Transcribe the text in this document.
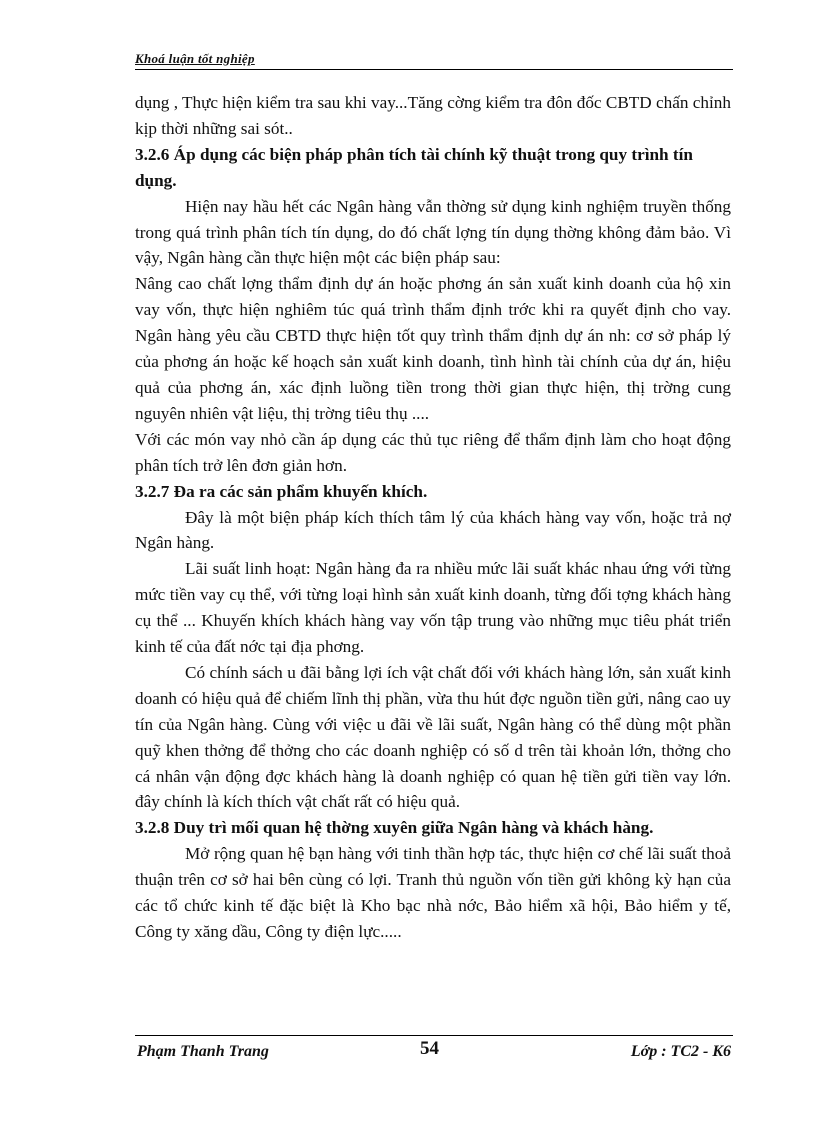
Khoá luận tốt nghiệp

dụng , Thực hiện kiểm tra sau khi vay...Tăng cờng kiểm tra đôn đốc CBTD chấn chỉnh kịp thời những sai sót..

3.2.6 Áp dụng các biện pháp phân tích tài chính kỹ thuật trong quy trình tín dụng.

Hiện nay hầu hết các Ngân hàng vẫn thờng sử dụng kinh nghiệm truyền thống trong quá trình phân tích tín dụng, do đó chất lợng tín dụng thờng không đảm bảo. Vì vậy, Ngân hàng cần thực hiện một các biện pháp sau:

Nâng cao chất lợng thẩm định dự án hoặc phơng án sản xuất kinh doanh của hộ xin vay vốn, thực hiện nghiêm túc quá trình thẩm định trớc khi ra quyết định cho vay. Ngân hàng yêu cầu CBTD thực hiện tốt quy trình thẩm định dự án nh: cơ sở pháp lý của phơng án hoặc kế hoạch sản xuất kinh doanh, tình hình tài chính của dự án, hiệu quả của phơng án, xác định luồng tiền trong thời gian thực hiện, thị trờng cung nguyên nhiên vật liệu, thị trờng tiêu thụ ....

Với các món vay nhỏ cần áp dụng các thủ tục riêng để thẩm định làm cho hoạt động phân tích trở lên đơn giản hơn.

3.2.7 Đa ra các sản phẩm khuyến khích.

Đây là một biện pháp kích thích tâm lý của khách hàng vay vốn, hoặc trả nợ Ngân hàng.

Lãi suất linh hoạt: Ngân hàng đa ra nhiều mức lãi suất khác nhau ứng với từng mức tiền vay cụ thể, với từng loại hình sản xuất kinh doanh, từng đối tợng khách hàng cụ thể ... Khuyến khích khách hàng vay vốn tập trung vào những mục tiêu phát triển kinh tế của đất nớc tại địa phơng.

Có chính sách u đãi bằng lợi ích vật chất đối với khách hàng lớn, sản xuất kinh doanh có hiệu quả để chiếm lĩnh thị phần, vừa thu hút đợc nguồn tiền gửi, nâng cao uy tín của Ngân hàng. Cùng với việc u đãi về lãi suất, Ngân hàng có thể dùng một phần quỹ khen thởng để thởng cho các doanh nghiệp có số d trên tài khoản lớn, thởng cho cá nhân vận động đợc khách hàng là doanh nghiệp có quan hệ tiền gửi tiền vay lớn. đây chính là kích thích vật chất rất có hiệu quả.

3.2.8 Duy trì mối quan hệ thờng xuyên giữa Ngân hàng và khách hàng.

Mở rộng quan hệ bạn hàng với tinh thần hợp tác, thực hiện cơ chế lãi suất thoả thuận trên cơ sở hai bên cùng có lợi. Tranh thủ nguồn vốn tiền gửi không kỳ hạn của các tổ chức kinh tế đặc biệt là Kho bạc nhà nớc, Bảo hiểm xã hội, Bảo hiểm y tế, Công ty xăng dầu, Công ty điện lực.....

Phạm Thanh Trang	54	Lớp : TC2 - K6
